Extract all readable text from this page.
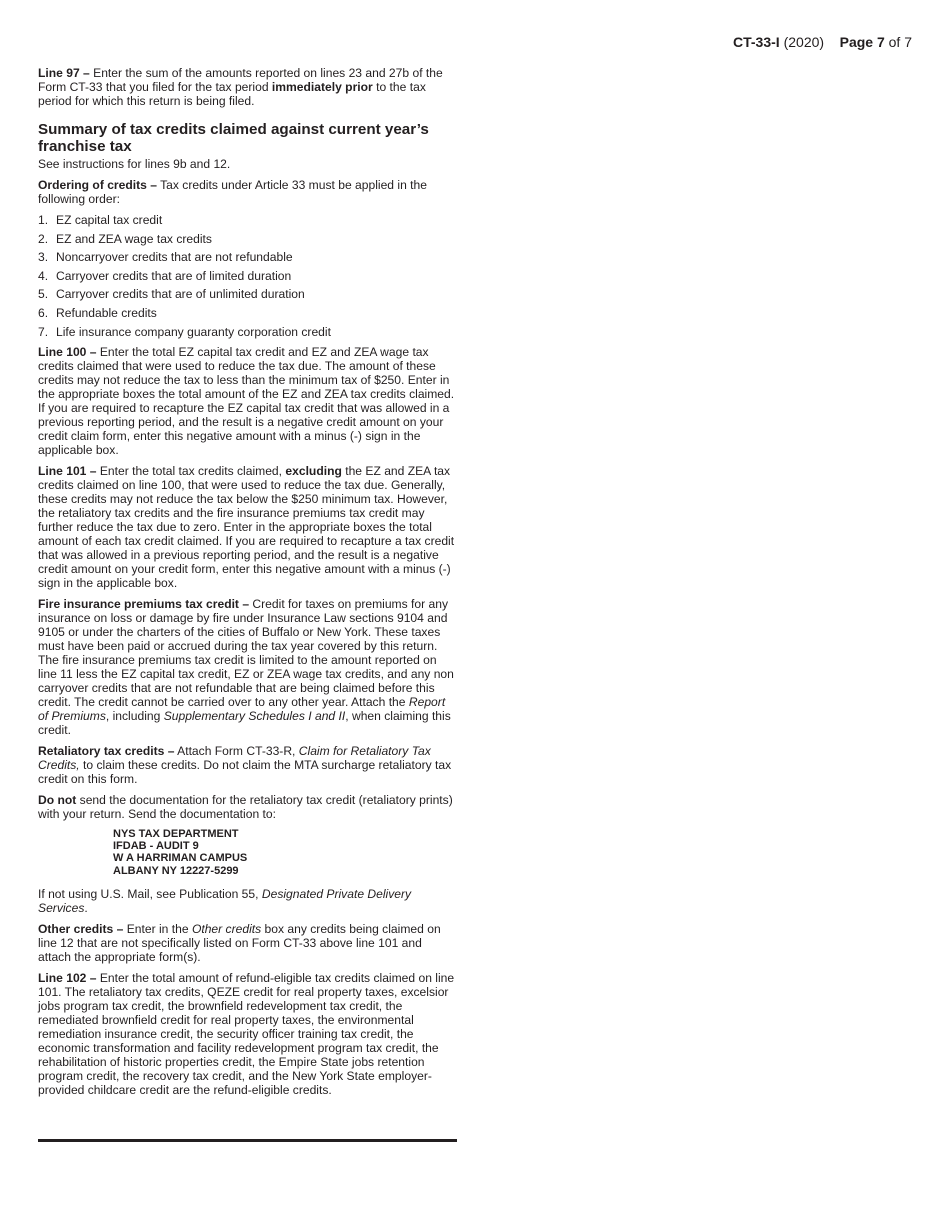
CT-33-I (2020) Page 7 of 7

Line 97 – Enter the sum of the amounts reported on lines 23 and 27b of the Form CT-33 that you filed for the tax period immediately prior to the tax period for which this return is being filed.

Summary of tax credits claimed against current year’s franchise tax

See instructions for lines 9b and 12.

Ordering of credits – Tax credits under Article 33 must be applied in the following order:

1. EZ capital tax credit
2. EZ and ZEA wage tax credits
3. Noncarryover credits that are not refundable
4. Carryover credits that are of limited duration
5. Carryover credits that are of unlimited duration
6. Refundable credits
7. Life insurance company guaranty corporation credit

Line 100 – Enter the total EZ capital tax credit and EZ and ZEA wage tax credits claimed that were used to reduce the tax due. The amount of these credits may not reduce the tax to less than the minimum tax of $250. Enter in the appropriate boxes the total amount of the EZ and ZEA tax credits claimed. If you are required to recapture the EZ capital tax credit that was allowed in a previous reporting period, and the result is a negative credit amount on your credit claim form, enter this negative amount with a minus (-) sign in the applicable box.

Line 101 – Enter the total tax credits claimed, excluding the EZ and ZEA tax credits claimed on line 100, that were used to reduce the tax due. Generally, these credits may not reduce the tax below the $250 minimum tax. However, the retaliatory tax credits and the fire insurance premiums tax credit may further reduce the tax due to zero. Enter in the appropriate boxes the total amount of each tax credit claimed. If you are required to recapture a tax credit that was allowed in a previous reporting period, and the result is a negative credit amount on your credit form, enter this negative amount with a minus (-) sign in the applicable box.

Fire insurance premiums tax credit – Credit for taxes on premiums for any insurance on loss or damage by fire under Insurance Law sections 9104 and 9105 or under the charters of the cities of Buffalo or New York. These taxes must have been paid or accrued during the tax year covered by this return. The fire insurance premiums tax credit is limited to the amount reported on line 11 less the EZ capital tax credit, EZ or ZEA wage tax credits, and any non carryover credits that are not refundable that are being claimed before this credit. The credit cannot be carried over to any other year. Attach the Report of Premiums, including Supplementary Schedules I and II, when claiming this credit.

Retaliatory tax credits – Attach Form CT-33-R, Claim for Retaliatory Tax Credits, to claim these credits. Do not claim the MTA surcharge retaliatory tax credit on this form.

Do not send the documentation for the retaliatory tax credit (retaliatory prints) with your return. Send the documentation to:

NYS TAX DEPARTMENT
IFDAB - AUDIT 9
W A HARRIMAN CAMPUS
ALBANY NY 12227-5299

If not using U.S. Mail, see Publication 55, Designated Private Delivery Services.

Other credits – Enter in the Other credits box any credits being claimed on line 12 that are not specifically listed on Form CT-33 above line 101 and attach the appropriate form(s).

Line 102 – Enter the total amount of refund-eligible tax credits claimed on line 101. The retaliatory tax credits, QEZE credit for real property taxes, excelsior jobs program tax credit, the brownfield redevelopment tax credit, the remediated brownfield credit for real property taxes, the environmental remediation insurance credit, the security officer training tax credit, the economic transformation and facility redevelopment program tax credit, the rehabilitation of historic properties credit, the Empire State jobs retention program credit, the recovery tax credit, and the New York State employer-provided childcare credit are the refund-eligible credits.
